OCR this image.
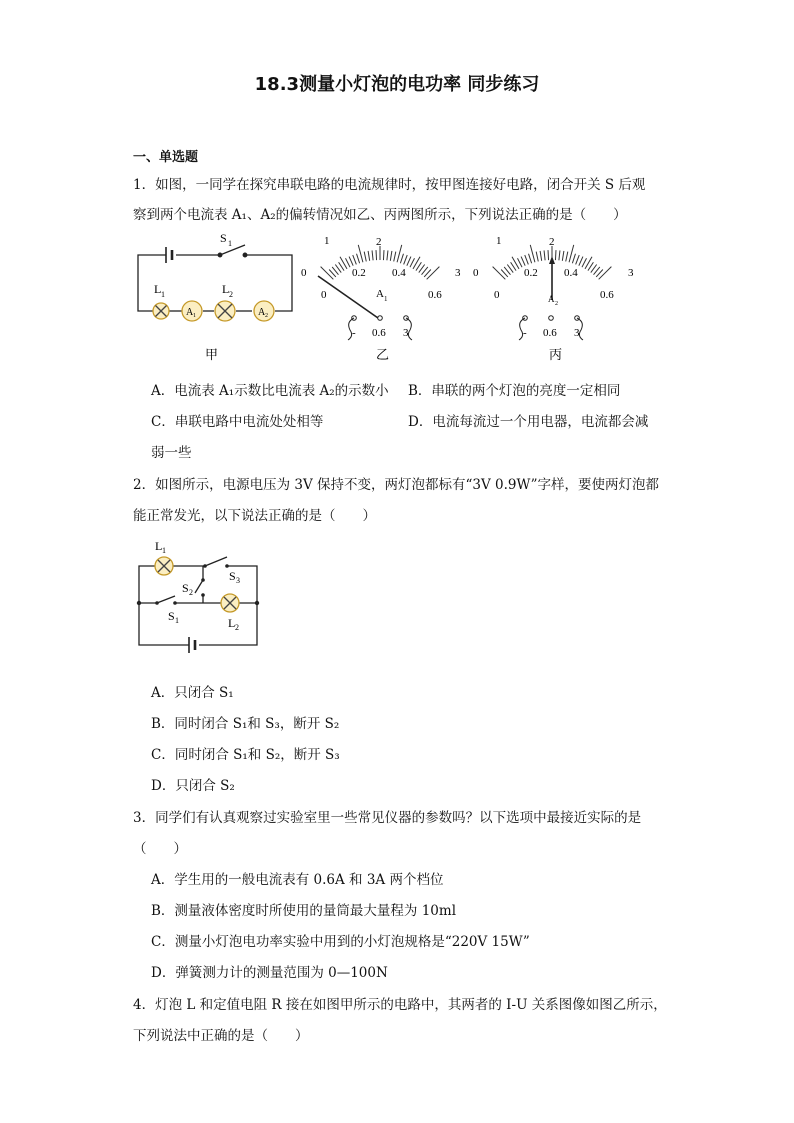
18.3测量小灯泡的电功率 同步练习
一、单选题
1．如图，一同学在探究串联电路的电流规律时，按甲图连接好电路，闭合开关 S 后观
察到两个电流表 A₁、A₂的偏转情况如乙、丙两图所示，下列说法正确的是（　　）
S 1
L 1	L 2
A 1	A 2
甲
0
1	2
3
0
0.2 0.4
0.6
A 1
- 0.6 3
乙
0
1	2
3
0
0.2 0.4
0.6
A 2
- 0.6 3
丙
A．电流表 A₁示数比电流表 A₂的示数小 B．串联的两个灯泡的亮度一定相同
C．串联电路中电流处处相等	D．电流每流过一个用电器，电流都会减
弱一些
2．如图所示，电源电压为 3V 保持不变，两灯泡都标有“3V 0.9W”字样，要使两灯泡都
能正常发光，以下说法正确的是（　　）
L 1
S 3
S 2
S 1	L 2
A．只闭合 S₁
B．同时闭合 S₁和 S₃，断开 S₂
C．同时闭合 S₁和 S₂，断开 S₃
D．只闭合 S₂
3．同学们有认真观察过实验室里一些常见仪器的参数吗？以下选项中最接近实际的是
（　　）
A．学生用的一般电流表有 0.6A 和 3A 两个档位
B．测量液体密度时所使用的量筒最大量程为 10ml
C．测量小灯泡电功率实验中用到的小灯泡规格是“220V 15W”
D．弹簧测力计的测量范围为 0—100N
4．灯泡 L 和定值电阻 R 接在如图甲所示的电路中，其两者的 I-U 关系图像如图乙所示，
下列说法中正确的是（　　）
